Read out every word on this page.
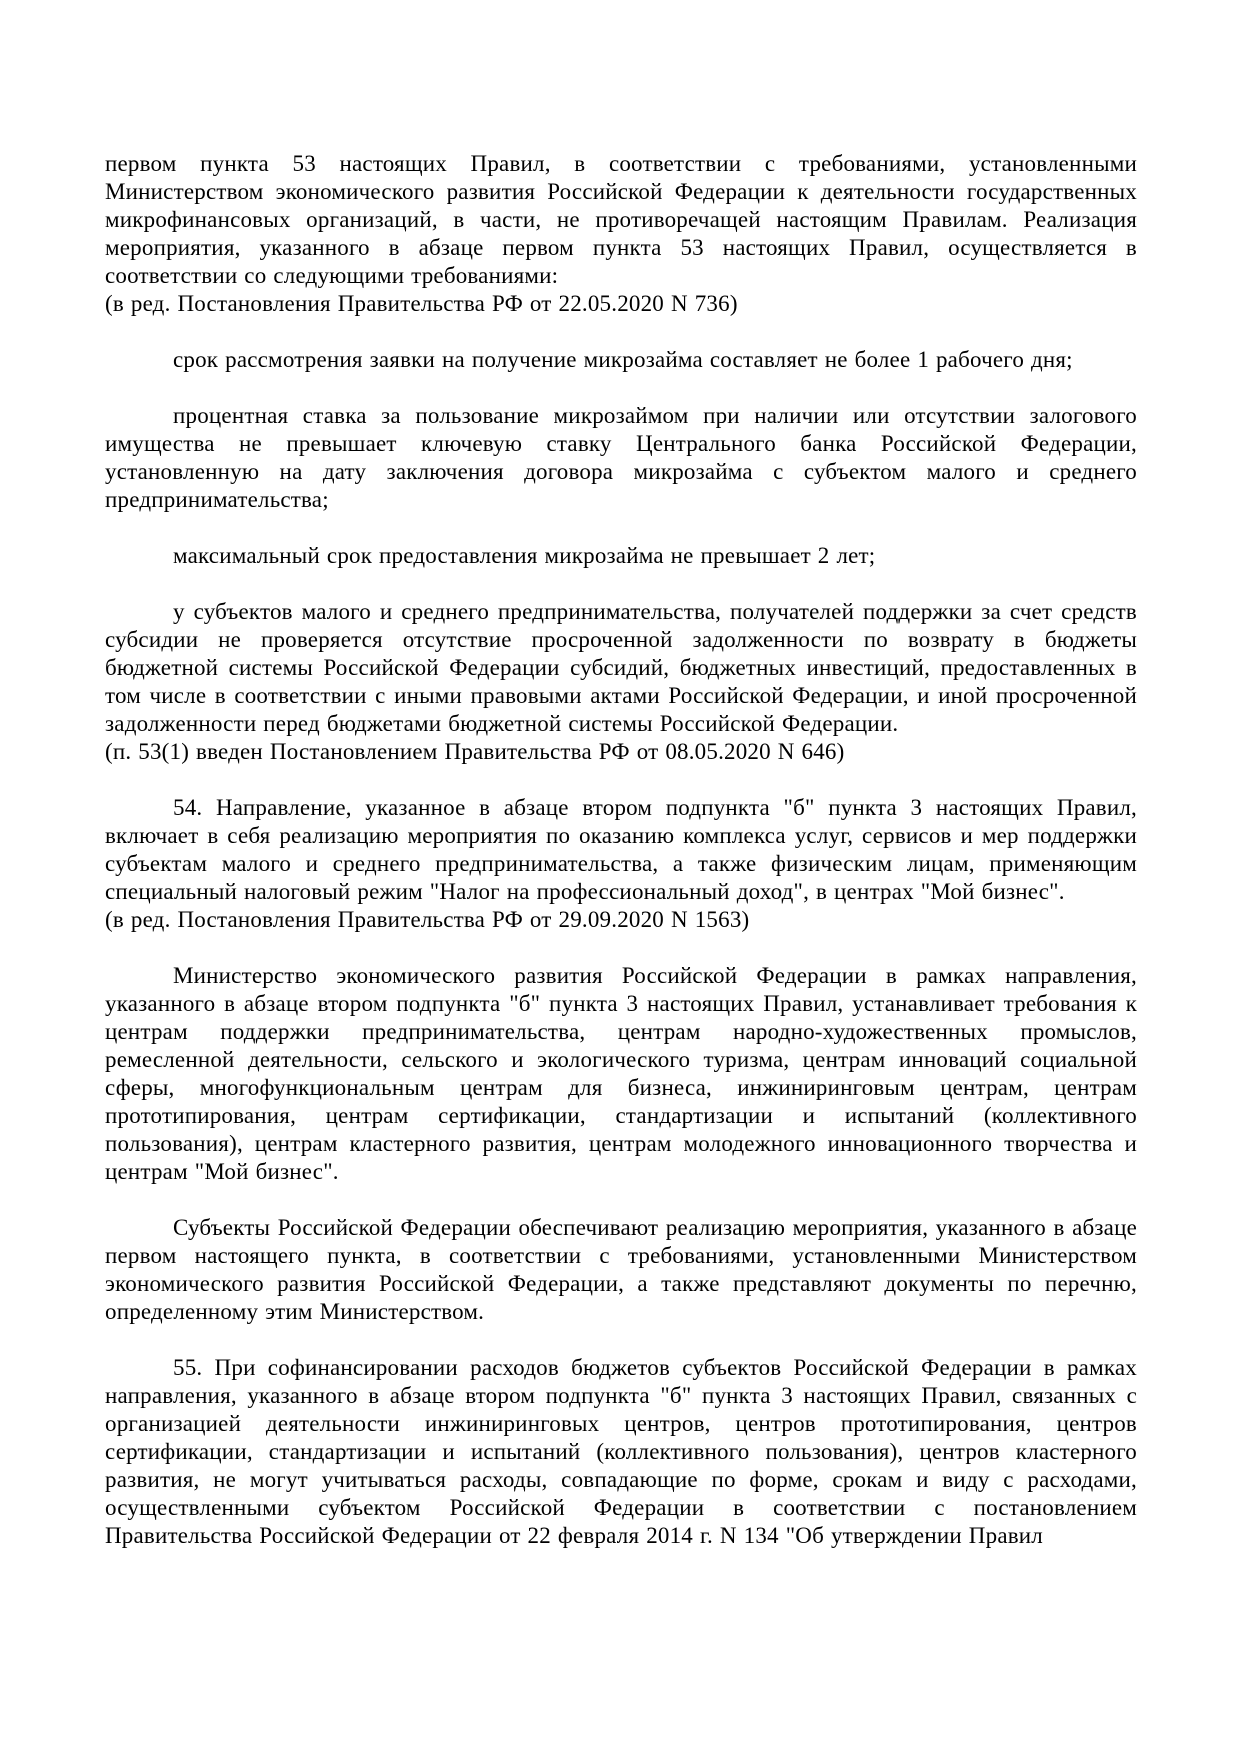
первом пункта 53 настоящих Правил, в соответствии с требованиями, установленными Министерством экономического развития Российской Федерации к деятельности государственных микрофинансовых организаций, в части, не противоречащей настоящим Правилам. Реализация мероприятия, указанного в абзаце первом пункта 53 настоящих Правил, осуществляется в соответствии со следующими требованиями:

(в ред. Постановления Правительства РФ от 22.05.2020 N 736)

срок рассмотрения заявки на получение микрозайма составляет не более 1 рабочего дня;

процентная ставка за пользование микрозаймом при наличии или отсутствии залогового имущества не превышает ключевую ставку Центрального банка Российской Федерации, установленную на дату заключения договора микрозайма с субъектом малого и среднего предпринимательства;

максимальный срок предоставления микрозайма не превышает 2 лет;

у субъектов малого и среднего предпринимательства, получателей поддержки за счет средств субсидии не проверяется отсутствие просроченной задолженности по возврату в бюджеты бюджетной системы Российской Федерации субсидий, бюджетных инвестиций, предоставленных в том числе в соответствии с иными правовыми актами Российской Федерации, и иной просроченной задолженности перед бюджетами бюджетной системы Российской Федерации.

(п. 53(1) введен Постановлением Правительства РФ от 08.05.2020 N 646)

54. Направление, указанное в абзаце втором подпункта "б" пункта 3 настоящих Правил, включает в себя реализацию мероприятия по оказанию комплекса услуг, сервисов и мер поддержки субъектам малого и среднего предпринимательства, а также физическим лицам, применяющим специальный налоговый режим "Налог на профессиональный доход", в центрах "Мой бизнес".

(в ред. Постановления Правительства РФ от 29.09.2020 N 1563)

Министерство экономического развития Российской Федерации в рамках направления, указанного в абзаце втором подпункта "б" пункта 3 настоящих Правил, устанавливает требования к центрам поддержки предпринимательства, центрам народно-художественных промыслов, ремесленной деятельности, сельского и экологического туризма, центрам инноваций социальной сферы, многофункциональным центрам для бизнеса, инжиниринговым центрам, центрам прототипирования, центрам сертификации, стандартизации и испытаний (коллективного пользования), центрам кластерного развития, центрам молодежного инновационного творчества и центрам "Мой бизнес".

Субъекты Российской Федерации обеспечивают реализацию мероприятия, указанного в абзаце первом настоящего пункта, в соответствии с требованиями, установленными Министерством экономического развития Российской Федерации, а также представляют документы по перечню, определенному этим Министерством.

55. При софинансировании расходов бюджетов субъектов Российской Федерации в рамках направления, указанного в абзаце втором подпункта "б" пункта 3 настоящих Правил, связанных с организацией деятельности инжиниринговых центров, центров прототипирования, центров сертификации, стандартизации и испытаний (коллективного пользования), центров кластерного развития, не могут учитываться расходы, совпадающие по форме, срокам и виду с расходами, осуществленными субъектом Российской Федерации в соответствии с постановлением Правительства Российской Федерации от 22 февраля 2014 г. N 134 "Об утверждении Правил
